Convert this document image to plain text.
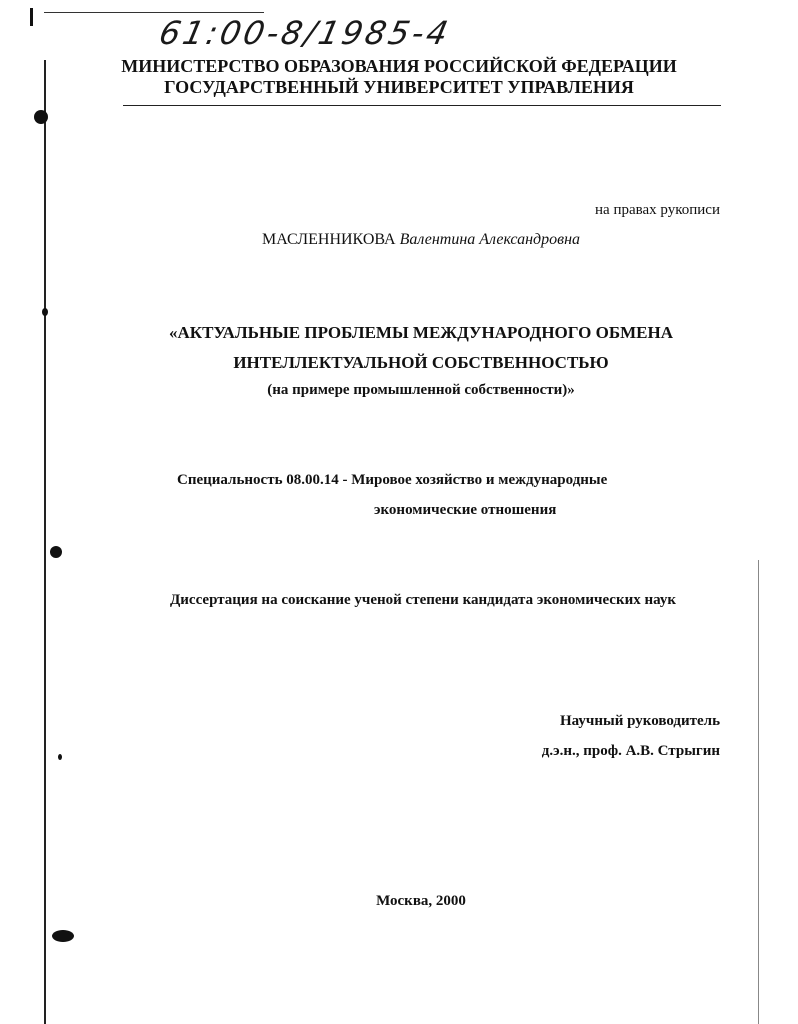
61:00-8/1985-4
МИНИСТЕРСТВО ОБРАЗОВАНИЯ РОССИЙСКОЙ ФЕДЕРАЦИИ
ГОСУДАРСТВЕННЫЙ УНИВЕРСИТЕТ УПРАВЛЕНИЯ
на правах рукописи
МАСЛЕННИКОВА Валентина Александровна
«АКТУАЛЬНЫЕ ПРОБЛЕМЫ МЕЖДУНАРОДНОГО ОБМЕНА
ИНТЕЛЛЕКТУАЛЬНОЙ СОБСТВЕННОСТЬЮ
(на примере промышленной собственности)»
Специальность 08.00.14 - Мировое хозяйство и международные
экономические отношения
Диссертация на соискание ученой степени кандидата экономических наук
Научный руководитель
д.э.н., проф. А.В. Стрыгин
Москва, 2000
